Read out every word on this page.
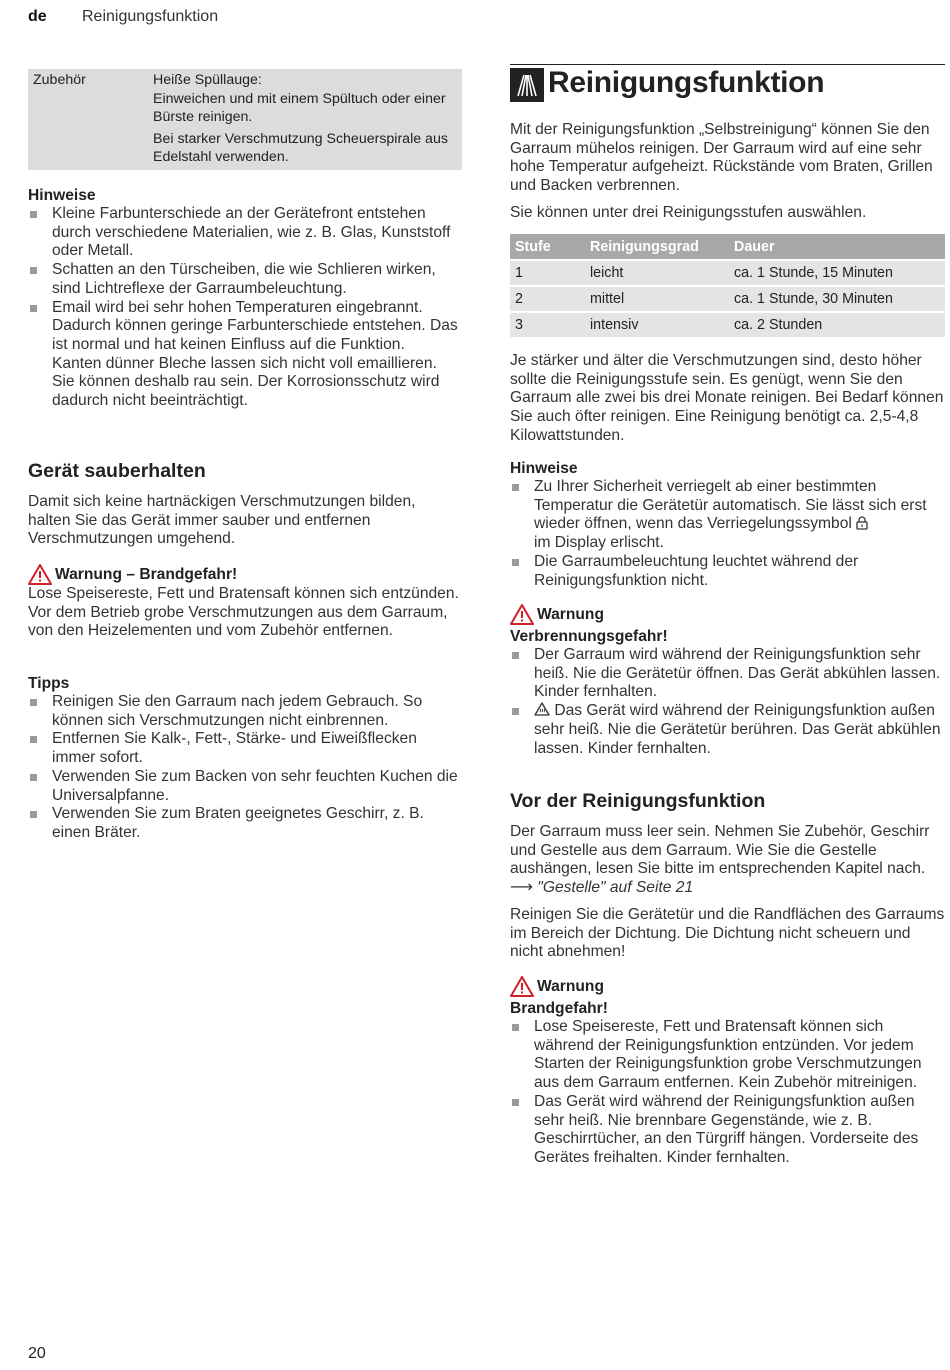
de Reinigungsfunktion
Zubehör	Heiße Spüllauge:

Einweichen und mit einem Spültuch oder einer Bürste reinigen.

Bei starker Verschmutzung Scheuerspirale aus Edelstahl verwenden.

Hinweise
Kleine Farbunterschiede an der Gerätefront entstehen durch verschiedene Materialien, wie z. B. Glas, Kunststoff oder Metall.
Schatten an den Türscheiben, die wie Schlieren wirken, sind Lichtreflexe der Garraumbeleuchtung.
Email wird bei sehr hohen Temperaturen eingebrannt. Dadurch können geringe Farbunterschiede entstehen. Das ist normal und hat keinen Einfluss auf die Funktion.
Kanten dünner Bleche lassen sich nicht voll emaillieren. Sie können deshalb rau sein. Der Korrosionsschutz wird dadurch nicht beeinträchtigt.
Gerät sauberhalten

Damit sich keine hartnäckigen Verschmutzungen bilden, halten Sie das Gerät immer sauber und entfernen Verschmutzungen umgehend.

Warnung – Brandgefahr!

Lose Speisereste, Fett und Bratensaft können sich entzünden. Vor dem Betrieb grobe Verschmutzungen aus dem Garraum, von den Heizelementen und vom Zubehör entfernen.

Tipps
Reinigen Sie den Garraum nach jedem Gebrauch. So können sich Verschmutzungen nicht einbrennen.
Entfernen Sie Kalk-, Fett-, Stärke- und Eiweißflecken immer sofort.
Verwenden Sie zum Backen von sehr feuchten Kuchen die Universalpfanne.
Verwenden Sie zum Braten geeignetes Geschirr, z. B. einen Bräter.
Reinigungsfunktion

Mit der Reinigungsfunktion „Selbstreinigung“ können Sie den Garraum mühelos reinigen. Der Garraum wird auf eine sehr hohe Temperatur aufgeheizt. Rückstände vom Braten, Grillen und Backen verbrennen.

Sie können unter drei Reinigungsstufen auswählen.

Stufe	Reinigungsgrad	Dauer
1	leicht	ca. 1 Stunde, 15 Minuten
2	mittel	ca. 1 Stunde, 30 Minuten
3	intensiv	ca. 2 Stunden

Je stärker und älter die Verschmutzungen sind, desto höher sollte die Reinigungsstufe sein. Es genügt, wenn Sie den Garraum alle zwei bis drei Monate reinigen. Bei Bedarf können Sie auch öfter reinigen. Eine Reinigung benötigt ca. 2,5-4,8 Kilowattstunden.

Hinweise
Zu Ihrer Sicherheit verriegelt ab einer bestimmten Temperatur die Gerätetür automatisch. Sie lässt sich erst wieder öffnen, wenn das Verriegelungssymbol
im Display erlischt.
Die Garraumbeleuchtung leuchtet während der Reinigungsfunktion nicht.
Warnung
Verbrennungsgefahr!
Der Garraum wird während der Reinigungsfunktion sehr heiß. Nie die Gerätetür öffnen. Das Gerät abkühlen lassen. Kinder fernhalten.
Das Gerät wird während der Reinigungsfunktion außen sehr heiß. Nie die Gerätetür berühren. Das Gerät abkühlen lassen. Kinder fernhalten.
Vor der Reinigungsfunktion

Der Garraum muss leer sein. Nehmen Sie Zubehör, Geschirr und Gestelle aus dem Garraum. Wie Sie die Gestelle aushängen, lesen Sie bitte im entsprechenden Kapitel nach. ⟶ "Gestelle" auf Seite 21

Reinigen Sie die Gerätetür und die Randflächen des Garraums im Bereich der Dichtung. Die Dichtung nicht scheuern und nicht abnehmen!

Warnung
Brandgefahr!
Lose Speisereste, Fett und Bratensaft können sich während der Reinigungsfunktion entzünden. Vor jedem Starten der Reinigungsfunktion grobe Verschmutzungen aus dem Garraum entfernen. Kein Zubehör mitreinigen.
Das Gerät wird während der Reinigungsfunktion außen sehr heiß. Nie brennbare Gegenstände, wie z. B. Geschirrtücher, an den Türgriff hängen. Vorderseite des Gerätes freihalten. Kinder fernhalten.
20
